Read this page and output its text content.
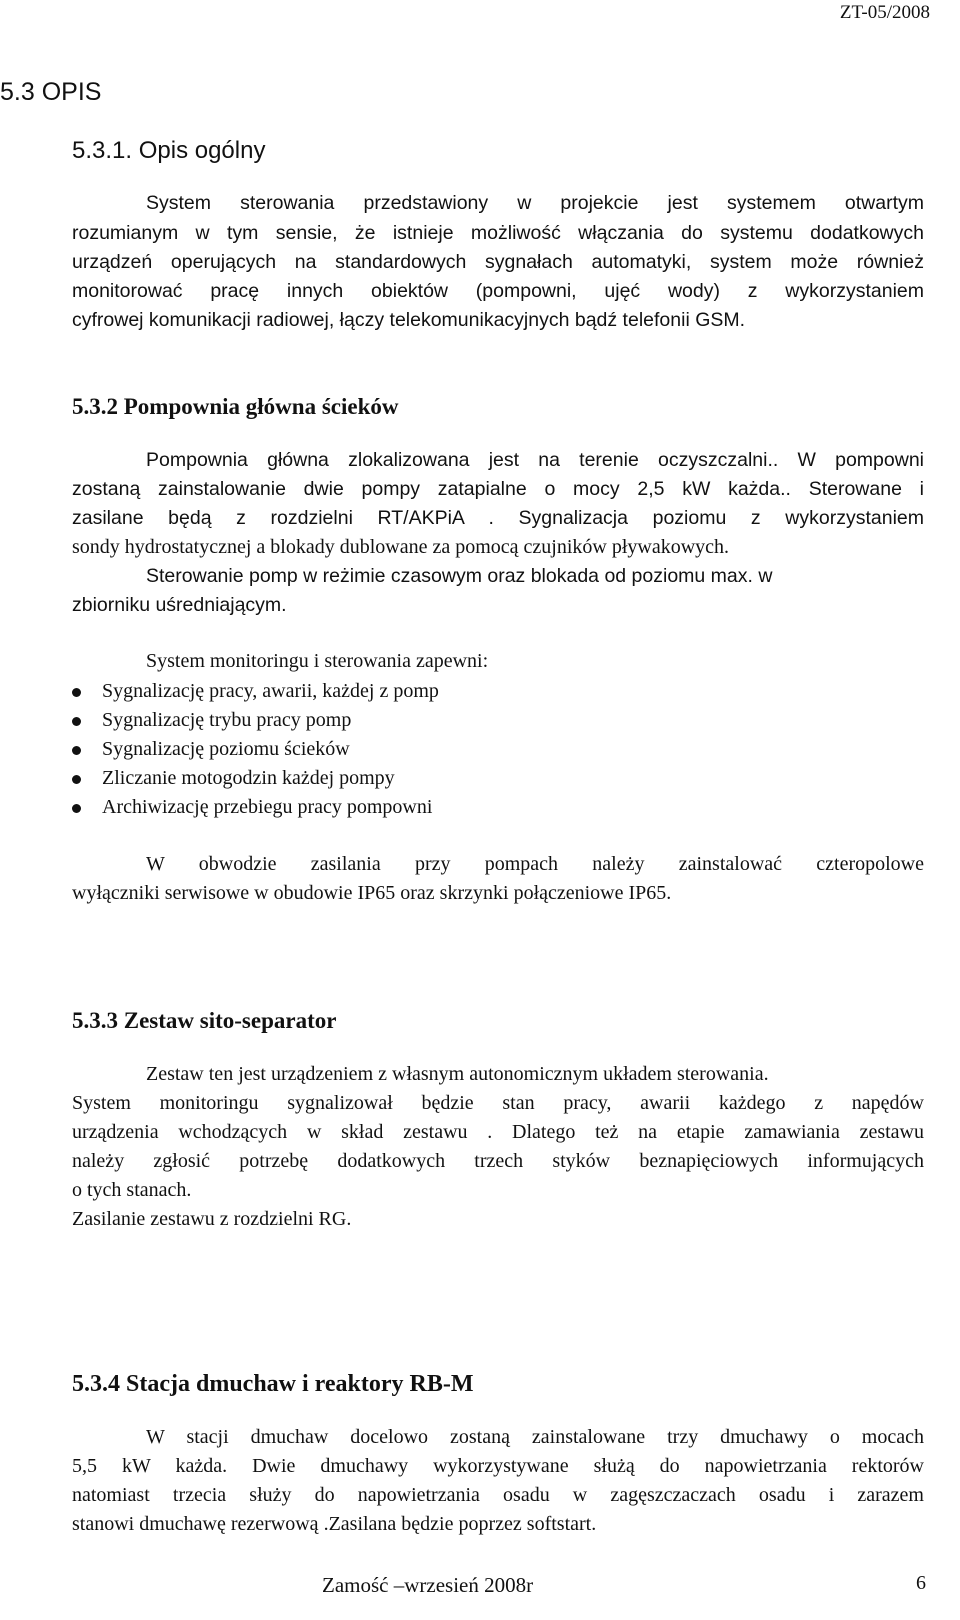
ZT-05/2008
5.3 OPIS
5.3.1. Opis ogólny
System sterowania przedstawiony w projekcie jest systemem otwartym
rozumianym w tym sensie, że istnieje możliwość włączania do systemu dodatkowych
urządzeń operujących na standardowych sygnałach automatyki, system może również
monitorować pracę innych obiektów (pompowni, ujęć wody) z wykorzystaniem
cyfrowej komunikacji radiowej, łączy telekomunikacyjnych bądź telefonii GSM.
5.3.2 Pompownia główna ścieków
Pompownia główna zlokalizowana jest na terenie oczyszczalni.. W pompowni
zostaną zainstalowanie dwie pompy zatapialne o mocy 2,5 kW każda.. Sterowane i
zasilane będą z rozdzielni RT/AKPiA . Sygnalizacja poziomu z wykorzystaniem
sondy hydrostatycznej a blokady dublowane za pomocą czujników pływakowych.
Sterowanie pomp w reżimie czasowym oraz blokada od poziomu max. w
zbiorniku uśredniającym.
System monitoringu i sterowania zapewni:
Sygnalizację pracy, awarii, każdej z pomp
Sygnalizację trybu pracy pomp
Sygnalizację poziomu ścieków
Zliczanie motogodzin każdej pompy
Archiwizację przebiegu pracy pompowni
W obwodzie zasilania przy pompach należy zainstalować czteropolowe
wyłączniki serwisowe w obudowie IP65 oraz skrzynki połączeniowe IP65.
5.3.3 Zestaw sito-separator
Zestaw ten jest urządzeniem z własnym autonomicznym układem sterowania.
System monitoringu sygnalizował będzie stan pracy, awarii każdego z napędów
urządzenia wchodzących w skład zestawu . Dlatego też na etapie zamawiania zestawu
należy zgłosić potrzebę dodatkowych trzech styków beznapięciowych informujących
o tych stanach.
Zasilanie zestawu z rozdzielni RG.
5.3.4 Stacja dmuchaw i reaktory RB-M
W stacji dmuchaw docelowo zostaną zainstalowane trzy dmuchawy o mocach
5,5 kW każda. Dwie dmuchawy wykorzystywane służą do napowietrzania rektorów
natomiast trzecia służy do napowietrzania osadu w zagęszczaczach osadu i zarazem
stanowi dmuchawę rezerwową .Zasilana będzie poprzez softstart.
Zamość –wrzesień 2008r	6
